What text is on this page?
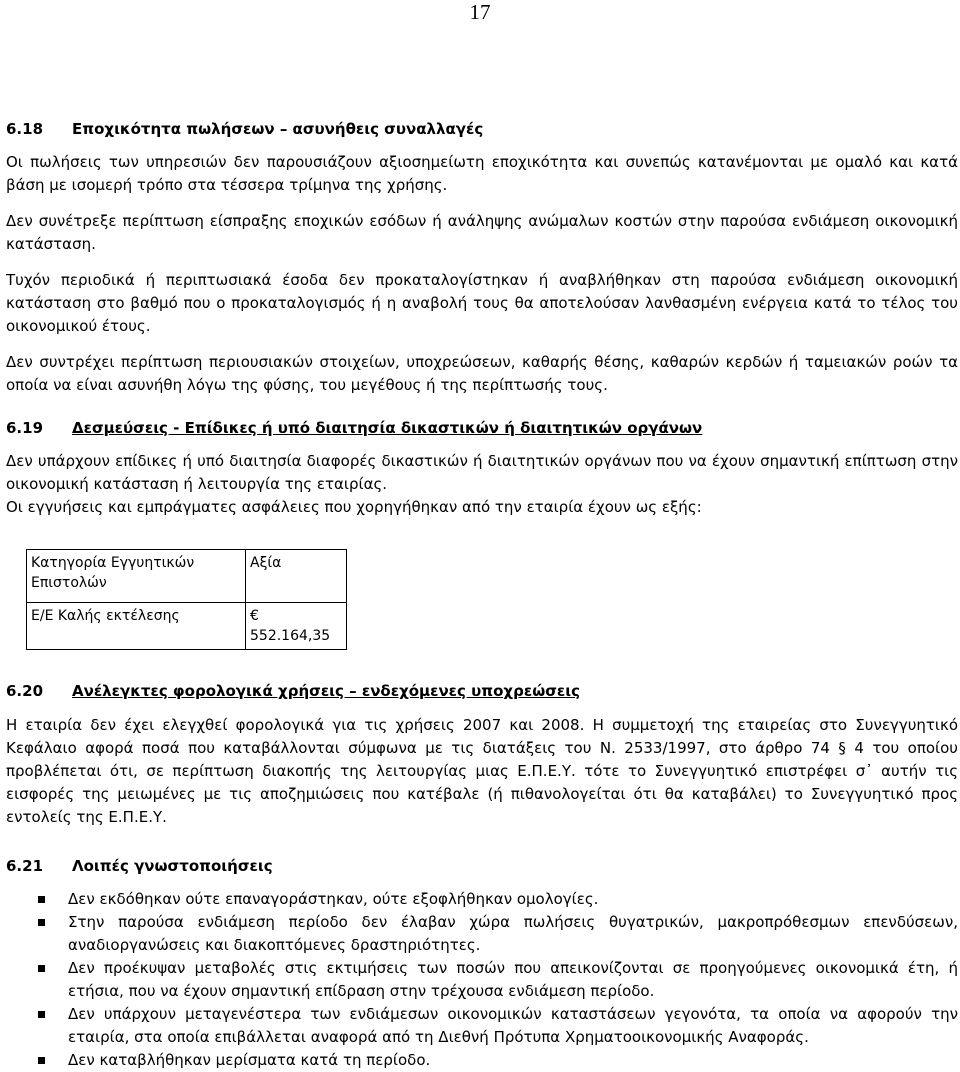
17
6.18	Εποχικότητα πωλήσεων – ασυνήθεις συναλλαγές

Οι πωλήσεις των υπηρεσιών δεν παρουσιάζουν αξιοσημείωτη εποχικότητα και συνεπώς κατανέμονται με ομαλό και κατά βάση με ισομερή τρόπο στα τέσσερα τρίμηνα της χρήσης.

Δεν συνέτρεξε περίπτωση είσπραξης εποχικών εσόδων ή ανάληψης ανώμαλων κοστών στην παρούσα ενδιάμεση οικονομική κατάσταση.

Τυχόν περιοδικά ή περιπτωσιακά έσοδα δεν προκαταλογίστηκαν ή αναβλήθηκαν στη παρούσα ενδιάμεση οικονομική κατάσταση στο βαθμό που ο προκαταλογισμός ή η αναβολή τους θα αποτελούσαν λανθασμένη ενέργεια κατά το τέλος του οικονομικού έτους.

Δεν συντρέχει περίπτωση περιουσιακών στοιχείων, υποχρεώσεων, καθαρής θέσης, καθαρών κερδών ή ταμειακών ροών τα οποία να είναι ασυνήθη λόγω της φύσης, του μεγέθους ή της περίπτωσής τους.

6.19	Δεσμεύσεις - Επίδικες ή υπό διαιτησία δικαστικών ή διαιτητικών οργάνων

Δεν υπάρχουν επίδικες ή υπό διαιτησία διαφορές δικαστικών ή διαιτητικών οργάνων που να έχουν σημαντική επίπτωση στην οικονομική κατάσταση ή λειτουργία της εταιρίας.

Οι εγγυήσεις και εμπράγματες ασφάλειες που χορηγήθηκαν από την εταιρία έχουν ως εξής:

Κατηγορία Εγγυητικών Επιστολών	Αξία
Ε/Ε Καλής εκτέλεσης	€552.164,35
6.20	Ανέλεγκτες φορολογικά χρήσεις – ενδεχόμενες υποχρεώσεις

Η εταιρία δεν έχει ελεγχθεί φορολογικά για τις χρήσεις 2007 και 2008. Η συμμετοχή της εταιρείας στο Συνεγγυητικό Κεφάλαιο αφορά ποσά που καταβάλλονται σύμφωνα με τις διατάξεις του Ν. 2533/1997, στο άρθρο 74 § 4 του οποίου προβλέπεται ότι, σε περίπτωση διακοπής της λειτουργίας μιας Ε.Π.Ε.Υ. τότε το Συνεγγυητικό επιστρέφει σ᾽ αυτήν τις εισφορές της μειωμένες με τις αποζημιώσεις που κατέβαλε (ή πιθανολογείται ότι θα καταβάλει) το Συνεγγυητικό προς εντολείς της Ε.Π.Ε.Υ.

6.21	Λοιπές γνωστοποιήσεις
Δεν εκδόθηκαν ούτε επαναγοράστηκαν, ούτε εξοφλήθηκαν ομολογίες.
Στην παρούσα ενδιάμεση περίοδο δεν έλαβαν χώρα πωλήσεις θυγατρικών, μακροπρόθεσμων επενδύσεων, αναδιοργανώσεις και διακοπτόμενες δραστηριότητες.
Δεν προέκυψαν μεταβολές στις εκτιμήσεις των ποσών που απεικονίζονται σε προηγούμενες οικονομικά έτη, ή ετήσια, που να έχουν σημαντική επίδραση στην τρέχουσα ενδιάμεση περίοδο.
Δεν υπάρχουν μεταγενέστερα των ενδιάμεσων οικονομικών καταστάσεων γεγονότα, τα οποία να αφορούν την εταιρία, στα οποία επιβάλλεται αναφορά από τη Διεθνή Πρότυπα Χρηματοοικονομικής Αναφοράς.
Δεν καταβλήθηκαν μερίσματα κατά τη περίοδο.
